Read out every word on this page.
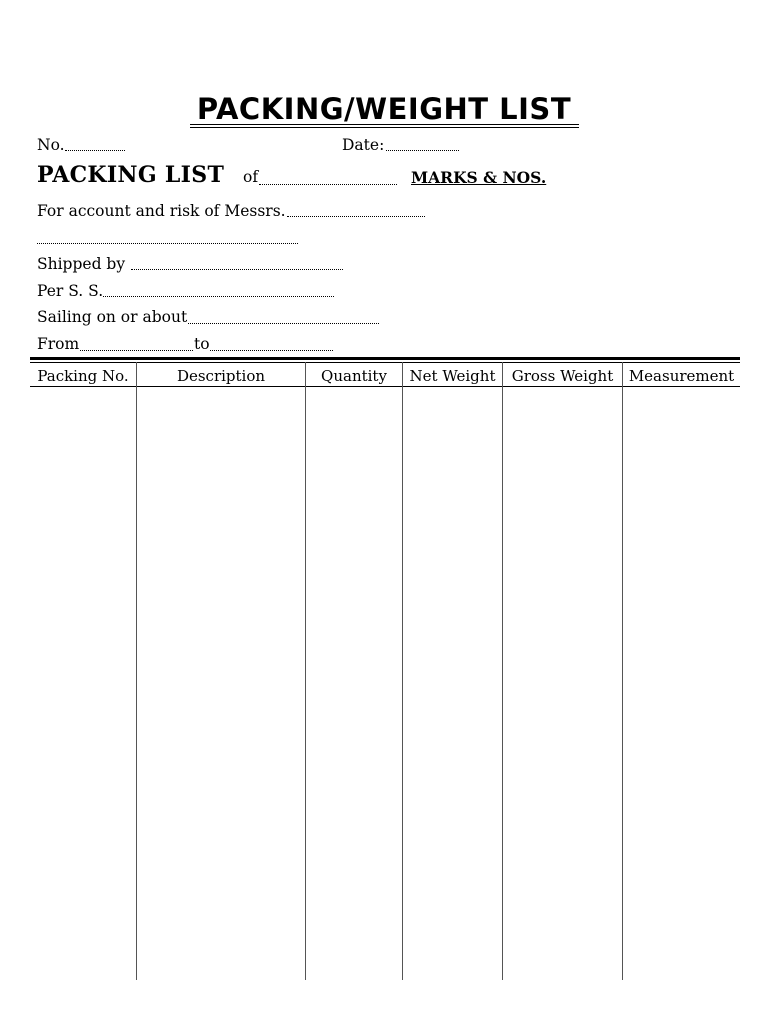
PACKING/WEIGHT LIST
No.	Date:
PACKING LIST of	MARKS & NOS.
For account and risk of Messrs.
Shipped by
Per S. S.
Sailing on or about
From	to
Packing No.	Description	Quantity	Net Weight	Gross Weight	Measurement
